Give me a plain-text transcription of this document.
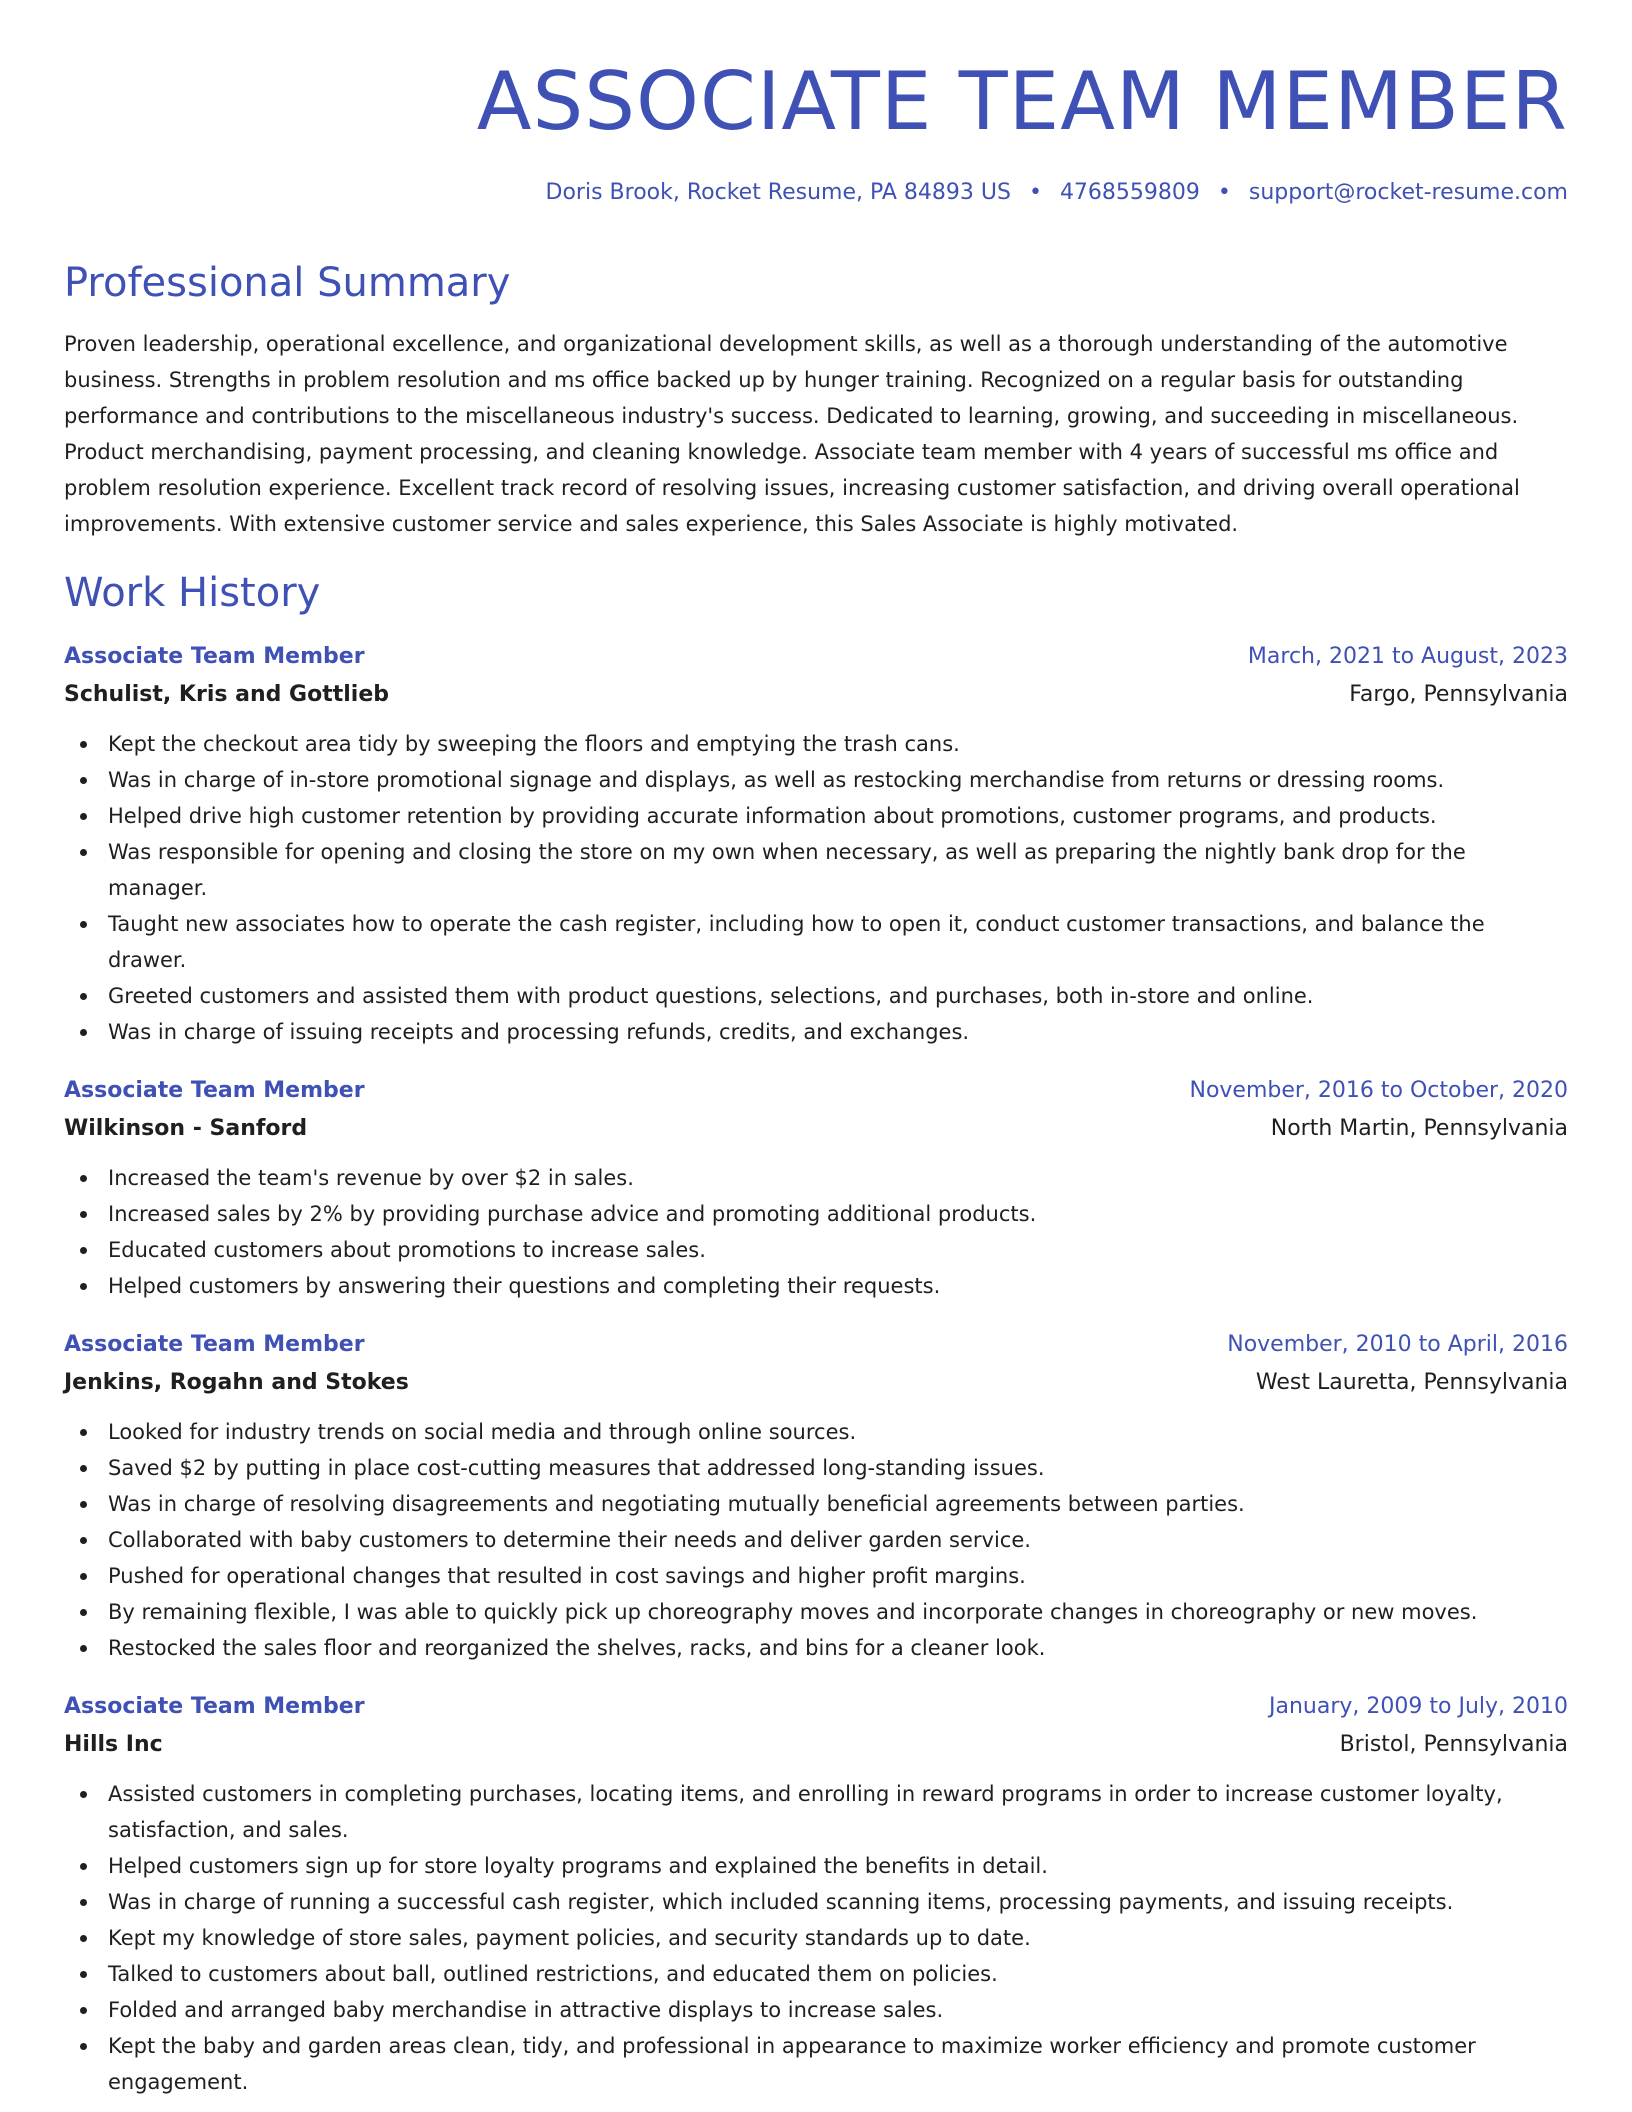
ASSOCIATE TEAM MEMBER
Doris Brook, Rocket Resume, PA 84893 US • 4768559809 • support@rocket-resume.com
Professional Summary

Proven leadership, operational excellence, and organizational development skills, as well as a thorough understanding of the automotive business. Strengths in problem resolution and ms office backed up by hunger training. Recognized on a regular basis for outstanding performance and contributions to the miscellaneous industry's success. Dedicated to learning, growing, and succeeding in miscellaneous. Product merchandising, payment processing, and cleaning knowledge. Associate team member with 4 years of successful ms office and problem resolution experience. Excellent track record of resolving issues, increasing customer satisfaction, and driving overall operational improvements. With extensive customer service and sales experience, this Sales Associate is highly motivated.

Work History
Associate Team Member	March, 2021 to August, 2023
Schulist, Kris and Gottlieb	Fargo, Pennsylvania
Kept the checkout area tidy by sweeping the floors and emptying the trash cans.
Was in charge of in-store promotional signage and displays, as well as restocking merchandise from returns or dressing rooms.
Helped drive high customer retention by providing accurate information about promotions, customer programs, and products.
Was responsible for opening and closing the store on my own when necessary, as well as preparing the nightly bank drop for the manager.
Taught new associates how to operate the cash register, including how to open it, conduct customer transactions, and balance the drawer.
Greeted customers and assisted them with product questions, selections, and purchases, both in-store and online.
Was in charge of issuing receipts and processing refunds, credits, and exchanges.
Associate Team Member	November, 2016 to October, 2020
Wilkinson - Sanford	North Martin, Pennsylvania
Increased the team's revenue by over $2 in sales.
Increased sales by 2% by providing purchase advice and promoting additional products.
Educated customers about promotions to increase sales.
Helped customers by answering their questions and completing their requests.
Associate Team Member	November, 2010 to April, 2016
Jenkins, Rogahn and Stokes	West Lauretta, Pennsylvania
Looked for industry trends on social media and through online sources.
Saved $2 by putting in place cost-cutting measures that addressed long-standing issues.
Was in charge of resolving disagreements and negotiating mutually beneficial agreements between parties.
Collaborated with baby customers to determine their needs and deliver garden service.
Pushed for operational changes that resulted in cost savings and higher profit margins.
By remaining flexible, I was able to quickly pick up choreography moves and incorporate changes in choreography or new moves.
Restocked the sales floor and reorganized the shelves, racks, and bins for a cleaner look.
Associate Team Member	January, 2009 to July, 2010
Hills Inc	Bristol, Pennsylvania
Assisted customers in completing purchases, locating items, and enrolling in reward programs in order to increase customer loyalty, satisfaction, and sales.
Helped customers sign up for store loyalty programs and explained the benefits in detail.
Was in charge of running a successful cash register, which included scanning items, processing payments, and issuing receipts.
Kept my knowledge of store sales, payment policies, and security standards up to date.
Talked to customers about ball, outlined restrictions, and educated them on policies.
Folded and arranged baby merchandise in attractive displays to increase sales.
Kept the baby and garden areas clean, tidy, and professional in appearance to maximize worker efficiency and promote customer engagement.
